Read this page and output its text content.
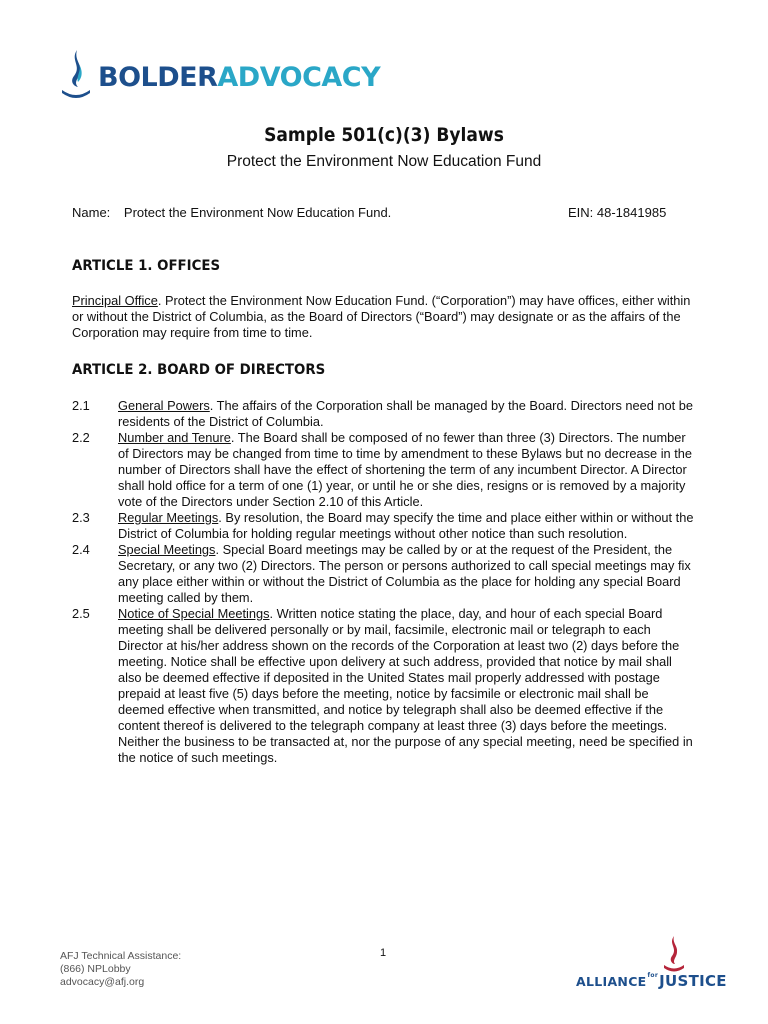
BOLDERADVOCACY
Sample 501(c)(3) Bylaws
Protect the Environment Now Education Fund
Name: Protect the Environment Now Education Fund.	EIN: 48-1841985
ARTICLE 1. OFFICES
Principal Office. Protect the Environment Now Education Fund. (“Corporation”) may have offices, either within or without the District of Columbia, as the Board of Directors (“Board”) may designate or as the affairs of the Corporation may require from time to time.
ARTICLE 2. BOARD OF DIRECTORS
2.1	General Powers. The affairs of the Corporation shall be managed by the Board. Directors need not be residents of the District of Columbia.
2.2	Number and Tenure. The Board shall be composed of no fewer than three (3) Directors. The number of Directors may be changed from time to time by amendment to these Bylaws but no decrease in the number of Directors shall have the effect of shortening the term of any incumbent Director. A Director shall hold office for a term of one (1) year, or until he or she dies, resigns or is removed by a majority vote of the Directors under Section 2.10 of this Article.
2.3	Regular Meetings. By resolution, the Board may specify the time and place either within or without the District of Columbia for holding regular meetings without other notice than such resolution.
2.4	Special Meetings. Special Board meetings may be called by or at the request of the President, the Secretary, or any two (2) Directors. The person or persons authorized to call special meetings may fix any place either within or without the District of Columbia as the place for holding any special Board meeting called by them.
2.5	Notice of Special Meetings. Written notice stating the place, day, and hour of each special Board meeting shall be delivered personally or by mail, facsimile, electronic mail or telegraph to each Director at his/her address shown on the records of the Corporation at least two (2) days before the meeting. Notice shall be effective upon delivery at such address, provided that notice by mail shall also be deemed effective if deposited in the United States mail properly addressed with postage prepaid at least five (5) days before the meeting, notice by facsimile or electronic mail shall be deemed effective when transmitted, and notice by telegraph shall also be deemed effective if the content thereof is delivered to the telegraph company at least three (3) days before the meetings. Neither the business to be transacted at, nor the purpose of any special meeting, need be specified in the notice of such meetings.
AFJ Technical Assistance:
(866) NPLobby
advocacy@afj.org
1
$ALLIANCE^{for}JUSTICE$
